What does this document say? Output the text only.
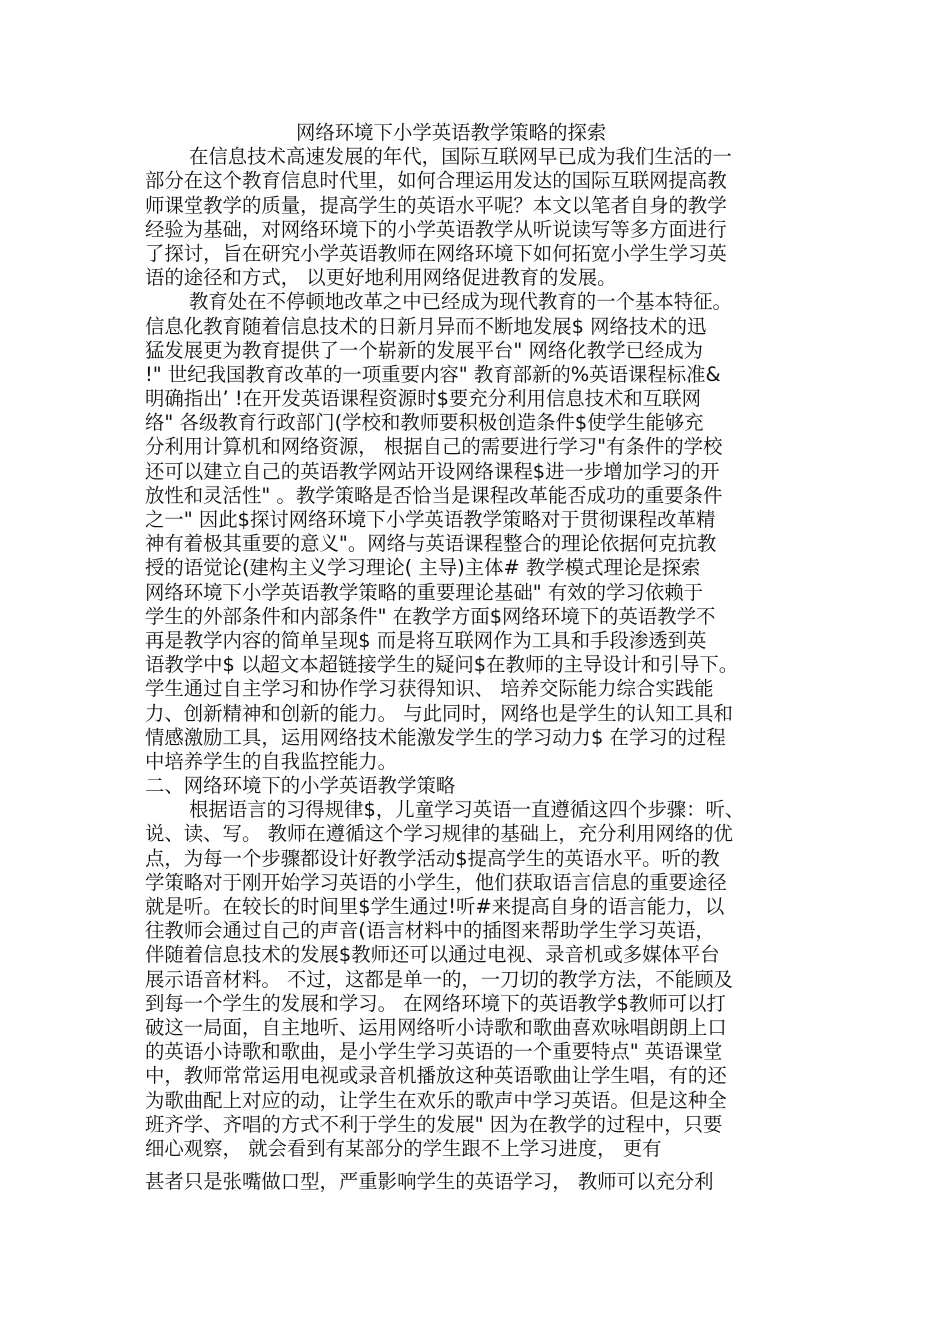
网络环境下小学英语教学策略的探索
在信息技术高速发展的年代，国际互联网早已成为我们生活的一
部分在这个教育信息时代里，如何合理运用发达的国际互联网提高教
师课堂教学的质量，提高学生的英语水平呢？本文以笔者自身的教学
经验为基础，对网络环境下的小学英语教学从听说读写等多方面进行
了探讨，旨在研究小学英语教师在网络环境下如何拓宽小学生学习英
语的途径和方式， 以更好地利用网络促进教育的发展。
教育处在不停顿地改革之中已经成为现代教育的一个基本特征。
信息化教育随着信息技术的日新月异而不断地发展$ 网络技术的迅
猛发展更为教育提供了一个崭新的发展平台" 网络化教学已经成为
!" 世纪我国教育改革的一项重要内容" 教育部新的%英语课程标准&
明确指出’ !在开发英语课程资源时$要充分利用信息技术和互联网
络" 各级教育行政部门(学校和教师要积极创造条件$使学生能够充
分利用计算机和网络资源， 根据自己的需要进行学习"有条件的学校
还可以建立自己的英语教学网站开设网络课程$进一步增加学习的开
放性和灵活性" 。教学策略是否恰当是课程改革能否成功的重要条件
之一" 因此$探讨网络环境下小学英语教学策略对于贯彻课程改革精
神有着极其重要的意义"。网络与英语课程整合的理论依据何克抗教
授的语觉论(建构主义学习理论( 主导)主体# 教学模式理论是探索
网络环境下小学英语教学策略的重要理论基础" 有效的学习依赖于
学生的外部条件和内部条件" 在教学方面$网络环境下的英语教学不
再是教学内容的简单呈现$ 而是将互联网作为工具和手段渗透到英
语教学中$ 以超文本超链接学生的疑问$在教师的主导设计和引导下。
学生通过自主学习和协作学习获得知识、 培养交际能力综合实践能
力、创新精神和创新的能力。 与此同时，网络也是学生的认知工具和
情感激励工具，运用网络技术能激发学生的学习动力$ 在学习的过程
中培养学生的自我监控能力。
二、网络环境下的小学英语教学策略
根据语言的习得规律$，儿童学习英语一直遵循这四个步骤：听、
说、读、写。 教师在遵循这个学习规律的基础上，充分利用网络的优
点，为每一个步骤都设计好教学活动$提高学生的英语水平。听的教
学策略对于刚开始学习英语的小学生，他们获取语言信息的重要途径
就是听。在较长的时间里$学生通过!听#来提高自身的语言能力，以
往教师会通过自己的声音(语言材料中的插图来帮助学生学习英语，
伴随着信息技术的发展$教师还可以通过电视、录音机或多媒体平台
展示语音材料。 不过，这都是单一的，一刀切的教学方法，不能顾及
到每一个学生的发展和学习。 在网络环境下的英语教学$教师可以打
破这一局面，自主地听、运用网络听小诗歌和歌曲喜欢咏唱朗朗上口
的英语小诗歌和歌曲，是小学生学习英语的一个重要特点" 英语课堂
中，教师常常运用电视或录音机播放这种英语歌曲让学生唱，有的还
为歌曲配上对应的动，让学生在欢乐的歌声中学习英语。但是这种全
班齐学、齐唱的方式不利于学生的发展" 因为在教学的过程中，只要
细心观察， 就会看到有某部分的学生跟不上学习进度， 更有
甚者只是张嘴做口型，严重影响学生的英语学习， 教师可以充分利
